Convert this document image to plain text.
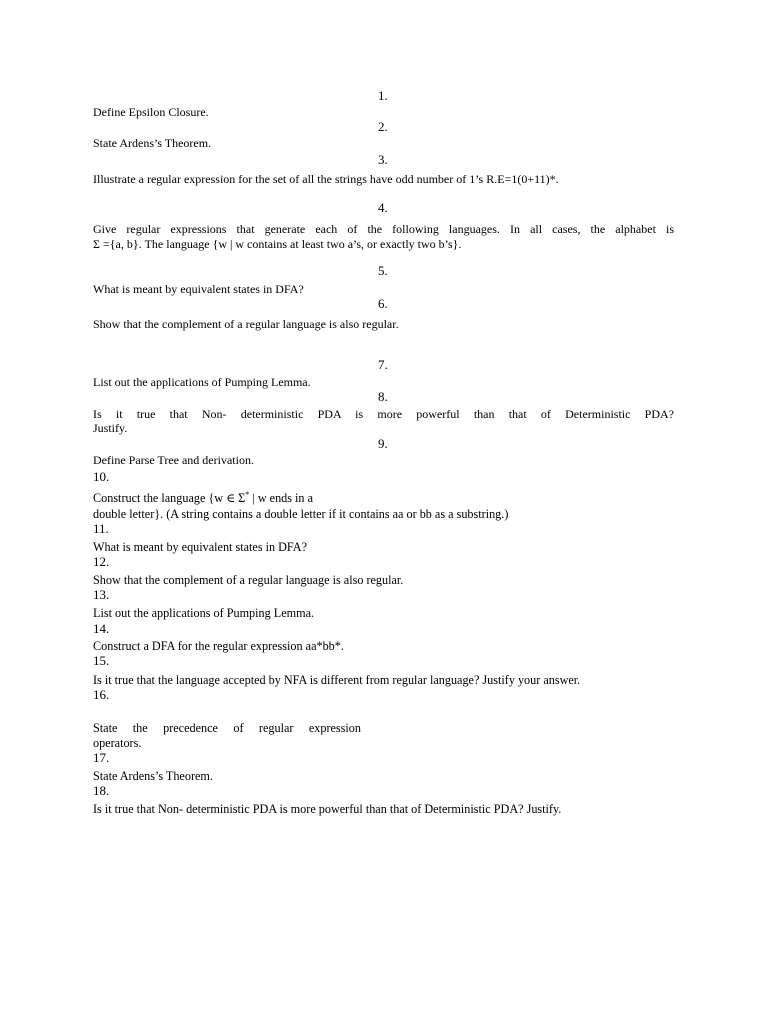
1.
Define Epsilon Closure.
2.
State Ardens’s Theorem.
3.
Illustrate a regular expression for the set of all the strings have odd number of 1’s R.E=1(0+11)*.
4.
Give regular expressions that generate each of the following languages. In all cases, the alphabet is
Σ ={a, b}. The language {w | w contains at least two a’s, or exactly two b’s}.
5.
What is meant by equivalent states in DFA?
6.
Show that the complement of a regular language is also regular.
7.
List out the applications of Pumping Lemma.
8.
Is it true that Non- deterministic PDA is more powerful than that of Deterministic PDA?
Justify.
9.
Define Parse Tree and derivation.
10.
Construct the language {w ∈ Σ* | w ends in a
double letter}. (A string contains a double letter if it contains aa or bb as a substring.)
11.
What is meant by equivalent states in DFA?
12.
Show that the complement of a regular language is also regular.
13.
List out the applications of Pumping Lemma.
14.
Construct a DFA for the regular expression aa*bb*.
15.
Is it true that the language accepted by NFA is different from regular language? Justify your answer.
16.
State the precedence of regular expression
operators.
17.
State Ardens’s Theorem.
18.
Is it true that Non- deterministic PDA is more powerful than that of Deterministic PDA? Justify.
